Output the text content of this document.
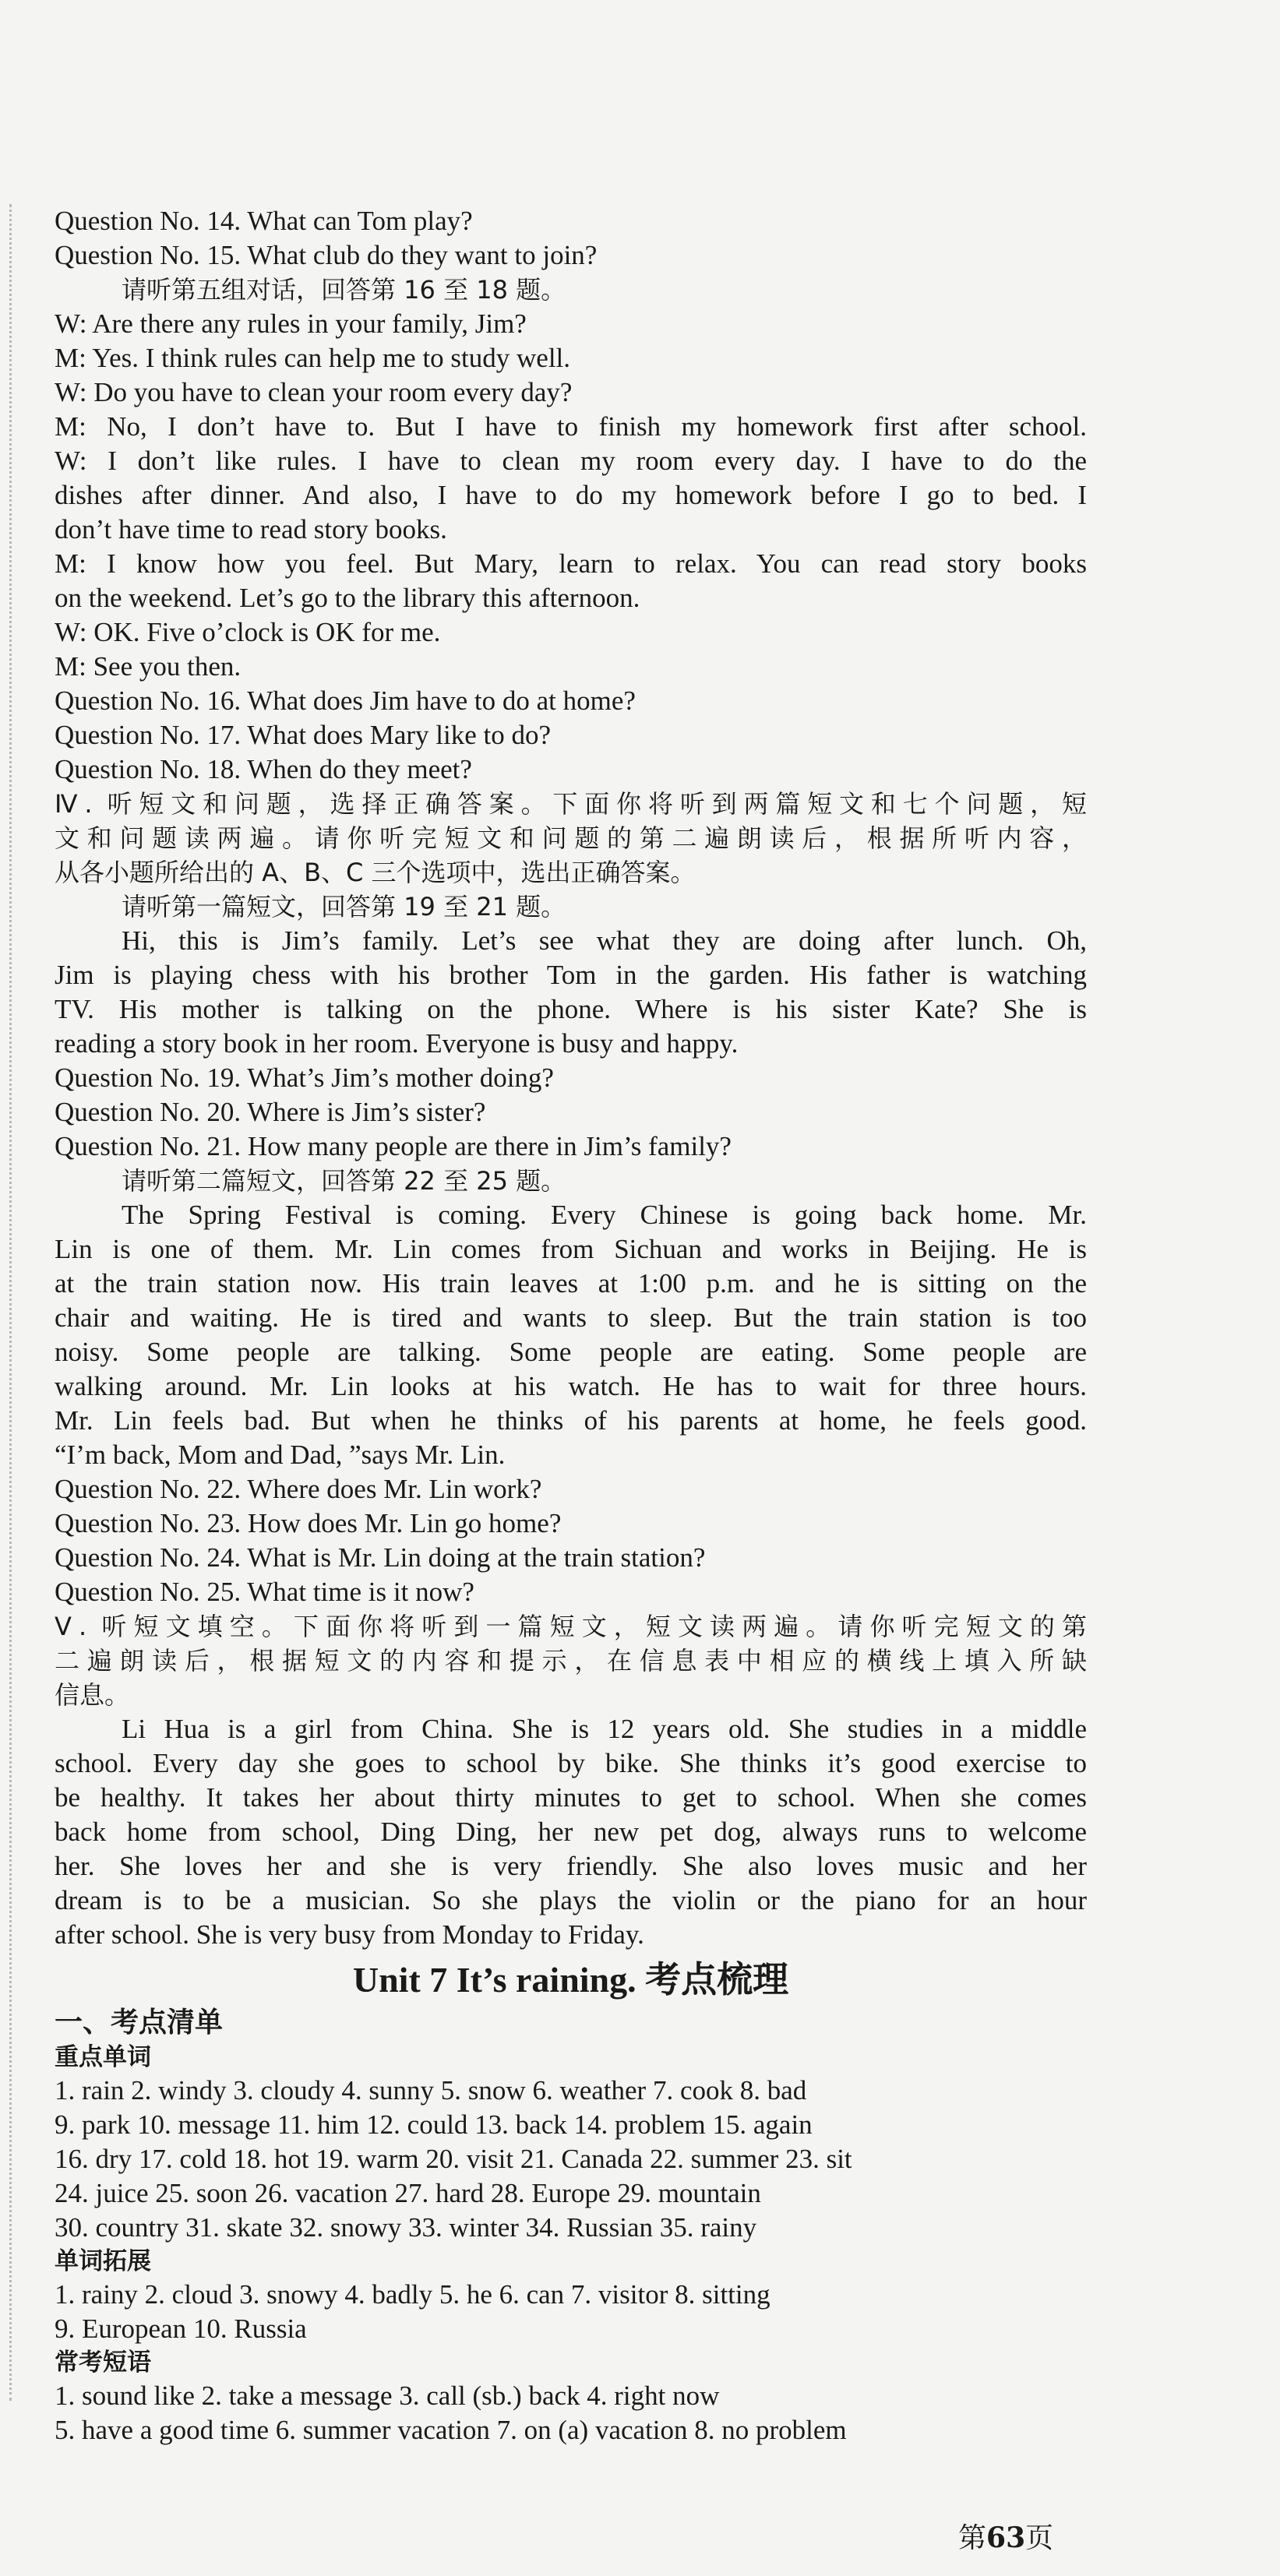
Question No. 14. What can Tom play?
Question No. 15. What club do they want to join?
请听第五组对话，回答第 16 至 18 题。
W: Are there any rules in your family, Jim?
M: Yes. I think rules can help me to study well.
W: Do you have to clean your room every day?
M: No, I don’t have to. But I have to finish my homework first after school.
W: I don’t like rules. I have to clean my room every day. I have to do the
dishes after dinner. And also, I have to do my homework before I go to bed. I
don’t have time to read story books.
M: I know how you feel. But Mary, learn to relax. You can read story books
on the weekend. Let’s go to the library this afternoon.
W: OK. Five o’clock is OK for me.
M: See you then.
Question No. 16. What does Jim have to do at home?
Question No. 17. What does Mary like to do?
Question No. 18. When do they meet?
Ⅳ. 听短文和问题，选择正确答案。下面你将听到两篇短文和七个问题，短
文和问题读两遍。请你听完短文和问题的第二遍朗读后，根据所听内容，
从各小题所给出的 A、B、C 三个选项中，选出正确答案。
请听第一篇短文，回答第 19 至 21 题。
Hi, this is Jim’s family. Let’s see what they are doing after lunch. Oh,
Jim is playing chess with his brother Tom in the garden. His father is watching
TV. His mother is talking on the phone. Where is his sister Kate? She is
reading a story book in her room. Everyone is busy and happy.
Question No. 19. What’s Jim’s mother doing?
Question No. 20. Where is Jim’s sister?
Question No. 21. How many people are there in Jim’s family?
请听第二篇短文，回答第 22 至 25 题。
The Spring Festival is coming. Every Chinese is going back home. Mr.
Lin is one of them. Mr. Lin comes from Sichuan and works in Beijing. He is
at the train station now. His train leaves at 1:00 p.m. and he is sitting on the
chair and waiting. He is tired and wants to sleep. But the train station is too
noisy. Some people are talking. Some people are eating. Some people are
walking around. Mr. Lin looks at his watch. He has to wait for three hours.
Mr. Lin feels bad. But when he thinks of his parents at home, he feels good.
“I’m back, Mom and Dad, ”says Mr. Lin.
Question No. 22. Where does Mr. Lin work?
Question No. 23. How does Mr. Lin go home?
Question No. 24. What is Mr. Lin doing at the train station?
Question No. 25. What time is it now?
Ⅴ. 听短文填空。下面你将听到一篇短文，短文读两遍。请你听完短文的第
二遍朗读后，根据短文的内容和提示，在信息表中相应的横线上填入所缺
信息。
Li Hua is a girl from China. She is 12 years old. She studies in a middle
school. Every day she goes to school by bike. She thinks it’s good exercise to
be healthy. It takes her about thirty minutes to get to school. When she comes
back home from school, Ding Ding, her new pet dog, always runs to welcome
her. She loves her and she is very friendly. She also loves music and her
dream is to be a musician. So she plays the violin or the piano for an hour
after school. She is very busy from Monday to Friday.
Unit 7 It’s raining. 考点梳理
一、考点清单
重点单词
1. rain 2. windy 3. cloudy 4. sunny 5. snow 6. weather 7. cook 8. bad
9. park 10. message 11. him 12. could 13. back 14. problem 15. again
16. dry 17. cold 18. hot 19. warm 20. visit 21. Canada 22. summer 23. sit
24. juice 25. soon 26. vacation 27. hard 28. Europe 29. mountain
30. country 31. skate 32. snowy 33. winter 34. Russian 35. rainy
单词拓展
1. rainy 2. cloud 3. snowy 4. badly 5. he 6. can 7. visitor 8. sitting
9. European 10. Russia
常考短语
1. sound like 2. take a message 3. call (sb.) back 4. right now
5. have a good time 6. summer vacation 7. on (a) vacation 8. no problem
第63页
